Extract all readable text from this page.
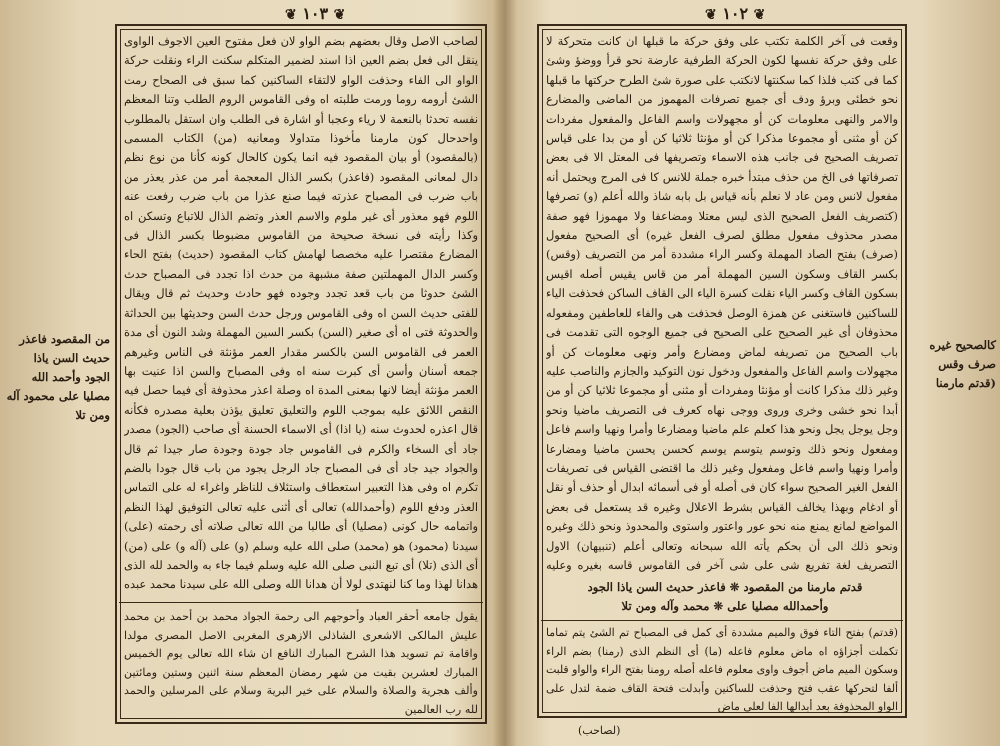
❦ ۱۰۳ ❦

لصاحب الاصل وقال بعضهم بضم الواو لان فعل مفتوح العين الاجوف الواوى ينقل الى فعل بضم العين اذا اسند لضمير المتكلم سكنت الراء ونقلت حركة الواو الى الفاء وحذفت الواو لالتقاء الساكنين كما سبق فى الصحاح رمت الشئ أرومه روما ورمت طلبته اه وفى القاموس الروم الطلب وتنا المعظم نفسه تحدثا بالنعمة لا رياء وعجبا أو اشارة فى الطلب وان استقل بالمطلوب واحدحال كون مارمنا مأخوذا متداولا ومعانيه (من) الكتاب المسمى (بالمقصود) أو بيان المقصود فيه انما يكون كالحال كونه كأنا من نوع نظم دال لمعانى المقصود (فاعذر) بكسر الذال المعجمة أمر من عذر يعذر من باب ضرب فى المصباح عذرته فيما صنع عذرا من باب ضرب رفعت عنه اللوم فهو معذور أى غير ملوم والاسم العذر وتضم الذال للاتباع وتسكن اه وكذا رأيته فى نسخة صحيحة من القاموس مضبوطا بكسر الذال فى المضارع مقتصرا عليه مخصصا لهامش كتاب المقصود (حديث) بفتح الحاء وكسر الدال المهملتين صفة مشبهة من حدث اذا تجدد فى المصباح حدث الشئ حدوثا من باب قعد تجدد وجوده فهو حادث وحديث ثم قال ويقال للفتى حديث السن اه وفى القاموس ورجل حدث السن وحديثها بين الحداثة والحدوثة فتى اه أى صغير (السن) بكسر السين المهملة وشد النون أى مدة العمر فى القاموس السن بالكسر مقدار العمر مؤنثة فى الناس وغيرهم جمعه أسنان وأسن أى كبرت سنه اه وفى المصباح والسن اذا عنيت بها العمر مؤنثة أيضا لانها بمعنى المدة اه وصلة اعذر محذوفة أى فيما حصل فيه النقص اللائق عليه بموجب اللوم والتعليق تعليق يؤذن بعلية مصدره فكأنه قال اعذره لحدوث سنه (يا اذا) أى الاسماء الحسنة أى صاحب (الجود) مصدر جاد أى السخاء والكرم فى القاموس جاد جودة وجودة صار جيدا ثم قال والجواد جيد جاد أى فى المصباح جاد الرجل يجود من باب قال جودا بالضم تكرم اه وفى هذا التعبير استعطاف واستئلاف للناظر واغراء له على التماس العذر ودفع اللوم (وأحمدالله) تعالى أى أثنى عليه تعالى التوفيق لهذا النظم واتمامه حال كونى (مصليا) أى طالبا من الله تعالى صلاته أى رحمته (على) سيدنا (محمود) هو (محمد) صلى الله عليه وسلم (و) على (آله و) على (من) أى الذى (تلا) أى تبع النبى صلى الله عليه وسلم فيما جاء به والحمد لله الذى هدانا لهذا وما كنا لنهتدى لولا أن هدانا الله وصلى الله على سيدنا محمد عبده

يقول جامعه أحقر العباد وأحوجهم الى رحمة الجواد محمد بن أحمد بن محمد عليش المالكى الاشعرى الشاذلى الازهرى المغربى الاصل المصرى مولدا واقامة تم تسويد هذا الشرح المبارك النافع ان شاء الله تعالى يوم الخميس المبارك لعشرين بقيت من شهر رمضان المعظم سنة اثنين وستين ومائتين وألف هجرية والصلاة والسلام على خير البرية وسلام على المرسلين والحمد لله رب العالمين

من المقصود فاعذر حديث السن ياذا الجود وأحمد الله مصليا على محمود آله ومن تلا
❦ ۱۰۲ ❦

وقعت فى آخر الكلمة تكتب على وفق حركة ما قبلها ان كانت متحركة لا على وفق حركة نفسها لكون الحركة الطرفية عارضة نحو قرأ ووضؤ وشئ كما فى كتب فلذا كما سكنتها لانكتب على صورة شئ الطرح حركتها ما قبلها نحو خطئى وبرؤ ودف أى جميع تصرفات المهموز من الماضى والمضارع والامر والنهى معلومات كن أو مجهولات واسم الفاعل والمفعول مفردات كن أو مثنى أو مجموعا مذكرا كن أو مؤنثا ثلاثيا كن أو من بدا على قياس تصريف الصحيح فى جانب هذه الاسماء وتصريفها فى المعتل الا فى بعض تصرفاتها فى الخ من حذف مبتدأ خبره جملة للانس كا فى المرج ويحتمل أنه مفعول لانس ومن عاد لا نعلم بأنه قياس بل بابه شاذ والله أعلم (و) تصرفها (كتصريف الفعل الصحيح الذى ليس معتلا ومضاعفا ولا مهموزا فهو صفة مصدر محذوف مفعول مطلق لصرف الفعل غيره) أى الصحيح مفعول (صرف) بفتح الصاد المهملة وكسر الراء مشددة أمر من التصريف (وقس) بكسر القاف وسكون السين المهملة أمر من قاس يقيس أصله اقيس بسكون القاف وكسر الياء نقلت كسرة الياء الى القاف الساكن فحذفت الياء للساكنين فاستغنى عن همزة الوصل فحذفت هى والفاء للعاطفين ومفعوله محذوفان أى غير الصحيح على الصحيح فى جميع الوجوه التى تقدمت فى باب الصحيح من تصريفه لماض ومضارع وأمر ونهى معلومات كن أو مجهولات واسم الفاعل والمفعول ودخول نون التوكيد والجازم والناصب عليه وغير ذلك مذكرا كانت أو مؤنثا ومفردات أو مثنى أو مجموعا ثلاثيا كن أو من أبدا نحو خشى وخرى وروى ووجى نهاه كعرف فى التصريف ماضيا ونحو وجل يوجل يجل ونحو هذا كعلم علم ماضيا ومضارعا وأمرا ونهيا واسم فاعل ومفعول ونحو ذلك وتوسم يتوسم يوسم كحسن يحسن ماضيا ومضارعا وأمرا ونهيا واسم فاعل ومفعول وغير ذلك ما اقتضى القياس فى تصريفات الفعل الغير الصحيح سواء كان فى أصله أو فى أسمائه ابدال أو حذف أو نقل أو ادغام وبهذا يخالف القياس بشرط الاعلال وغيره قد يستعمل فى بعض المواضع لمانع يمنع منه نحو عور واعتور واستوى والمحدوذ ونحو ذلك وغيره ونحو ذلك الى أن بحكم يأته الله سبحانه وتعالى أعلم (تنبيهان) الاول التصريف لغة تفريع شى على شى آخر فى القاموس قاسه بغيره وعليه

قدتم مارمنا من المقصود ❊ فاعذر حديث السن ياذا الجود
وأحمدالله مصليا على ❊ محمد وآله ومن تلا

(قدتم) بفتح التاء فوق والميم مشددة أى كمل فى المصباح تم الشئ يتم تماما تكملت أجزاؤه اه ماض معلوم فاعله (ما) أى النظم الذى (رمنا) بضم الراء وسكون الميم ماض أجوف واوى معلوم فاعله أصله رومنا بفتح الراء والواو قلبت ألفا لتحركها عقب فتح وحذفت للساكنين وأبدلت فتحة القاف ضمة لتدل على الواو المحذوفة بعد أبدالها الفا لعلى ماض

(لصاحب)
كالصحيح غيره صرف وقس (قدتم مارمنا
